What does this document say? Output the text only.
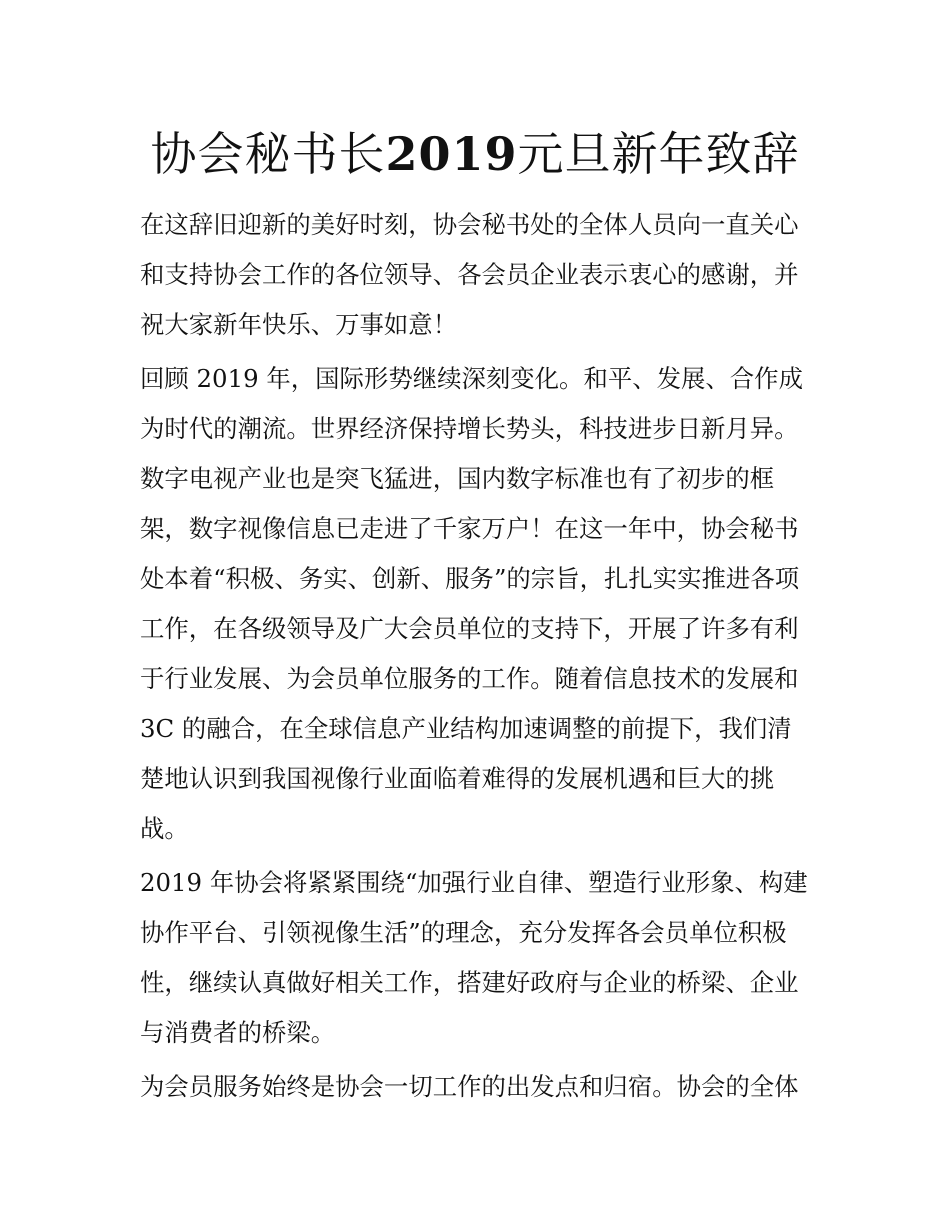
协会秘书长2019元旦新年致辞
在这辞旧迎新的美好时刻，协会秘书处的全体人员向一直关心
和支持协会工作的各位领导、各会员企业表示衷心的感谢，并
祝大家新年快乐、万事如意！
回顾 2019 年，国际形势继续深刻变化。和平、发展、合作成
为时代的潮流。世界经济保持增长势头，科技进步日新月异。
数字电视产业也是突飞猛进，国内数字标准也有了初步的框
架，数字视像信息已走进了千家万户！在这一年中，协会秘书
处本着“积极、务实、创新、服务”的宗旨，扎扎实实推进各项
工作，在各级领导及广大会员单位的支持下，开展了许多有利
于行业发展、为会员单位服务的工作。随着信息技术的发展和
3C 的融合，在全球信息产业结构加速调整的前提下，我们清
楚地认识到我国视像行业面临着难得的发展机遇和巨大的挑
战。
2019 年协会将紧紧围绕“加强行业自律、塑造行业形象、构建
协作平台、引领视像生活”的理念，充分发挥各会员单位积极
性，继续认真做好相关工作，搭建好政府与企业的桥梁、企业
与消费者的桥梁。
为会员服务始终是协会一切工作的出发点和归宿。协会的全体
